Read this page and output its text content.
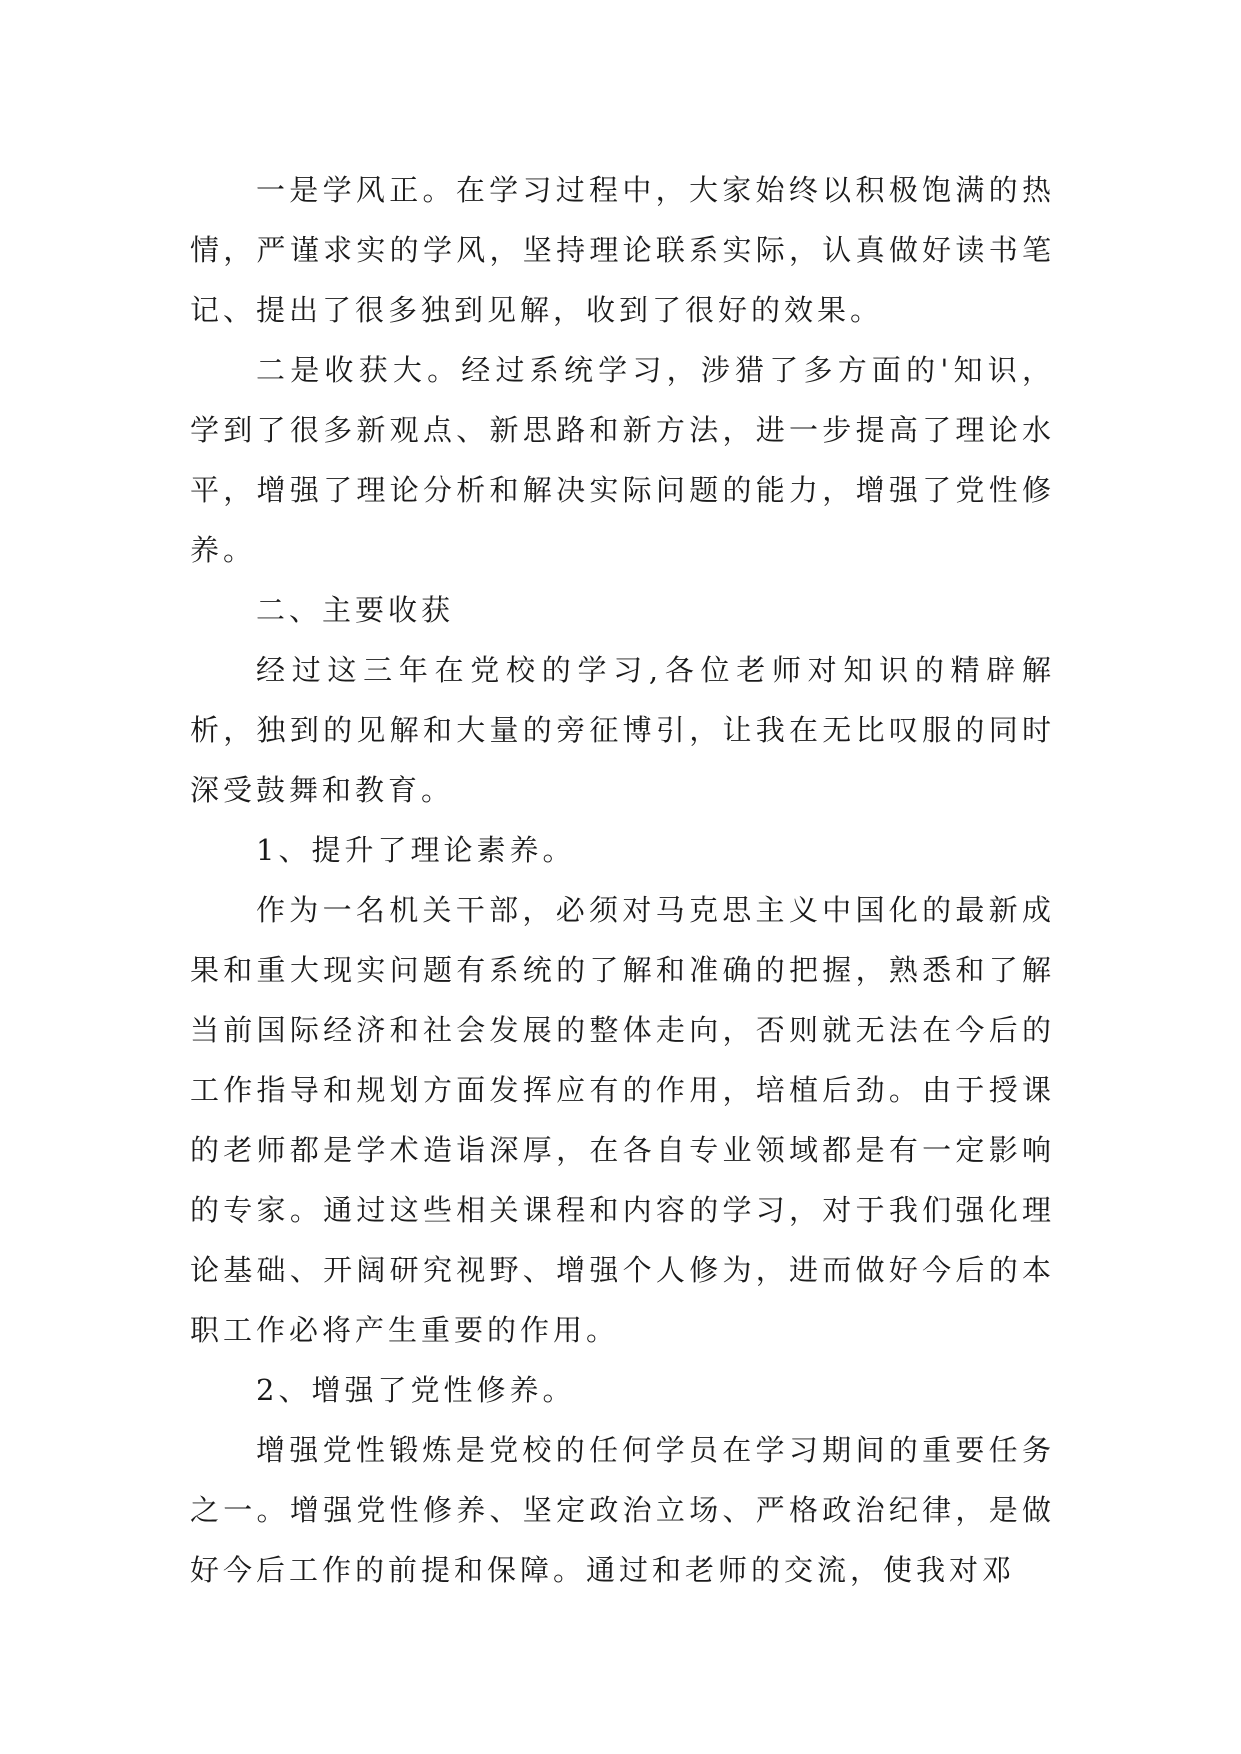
一是学风正。在学习过程中，大家始终以积极饱满的热情，严谨求实的学风，坚持理论联系实际，认真做好读书笔记、提出了很多独到见解，收到了很好的效果。

二是收获大。经过系统学习，涉猎了多方面的'知识，学到了很多新观点、新思路和新方法，进一步提高了理论水平，增强了理论分析和解决实际问题的能力，增强了党性修养。

二、主要收获

经过这三年在党校的学习,各位老师对知识的精辟解析，独到的见解和大量的旁征博引，让我在无比叹服的同时深受鼓舞和教育。

1、提升了理论素养。

作为一名机关干部，必须对马克思主义中国化的最新成果和重大现实问题有系统的了解和准确的把握，熟悉和了解当前国际经济和社会发展的整体走向，否则就无法在今后的工作指导和规划方面发挥应有的作用，培植后劲。由于授课的老师都是学术造诣深厚，在各自专业领域都是有一定影响的专家。通过这些相关课程和内容的学习，对于我们强化理论基础、开阔研究视野、增强个人修为，进而做好今后的本职工作必将产生重要的作用。

2、增强了党性修养。

增强党性锻炼是党校的任何学员在学习期间的重要任务之一。增强党性修养、坚定政治立场、严格政治纪律，是做好今后工作的前提和保障。通过和老师的交流，使我对邓
